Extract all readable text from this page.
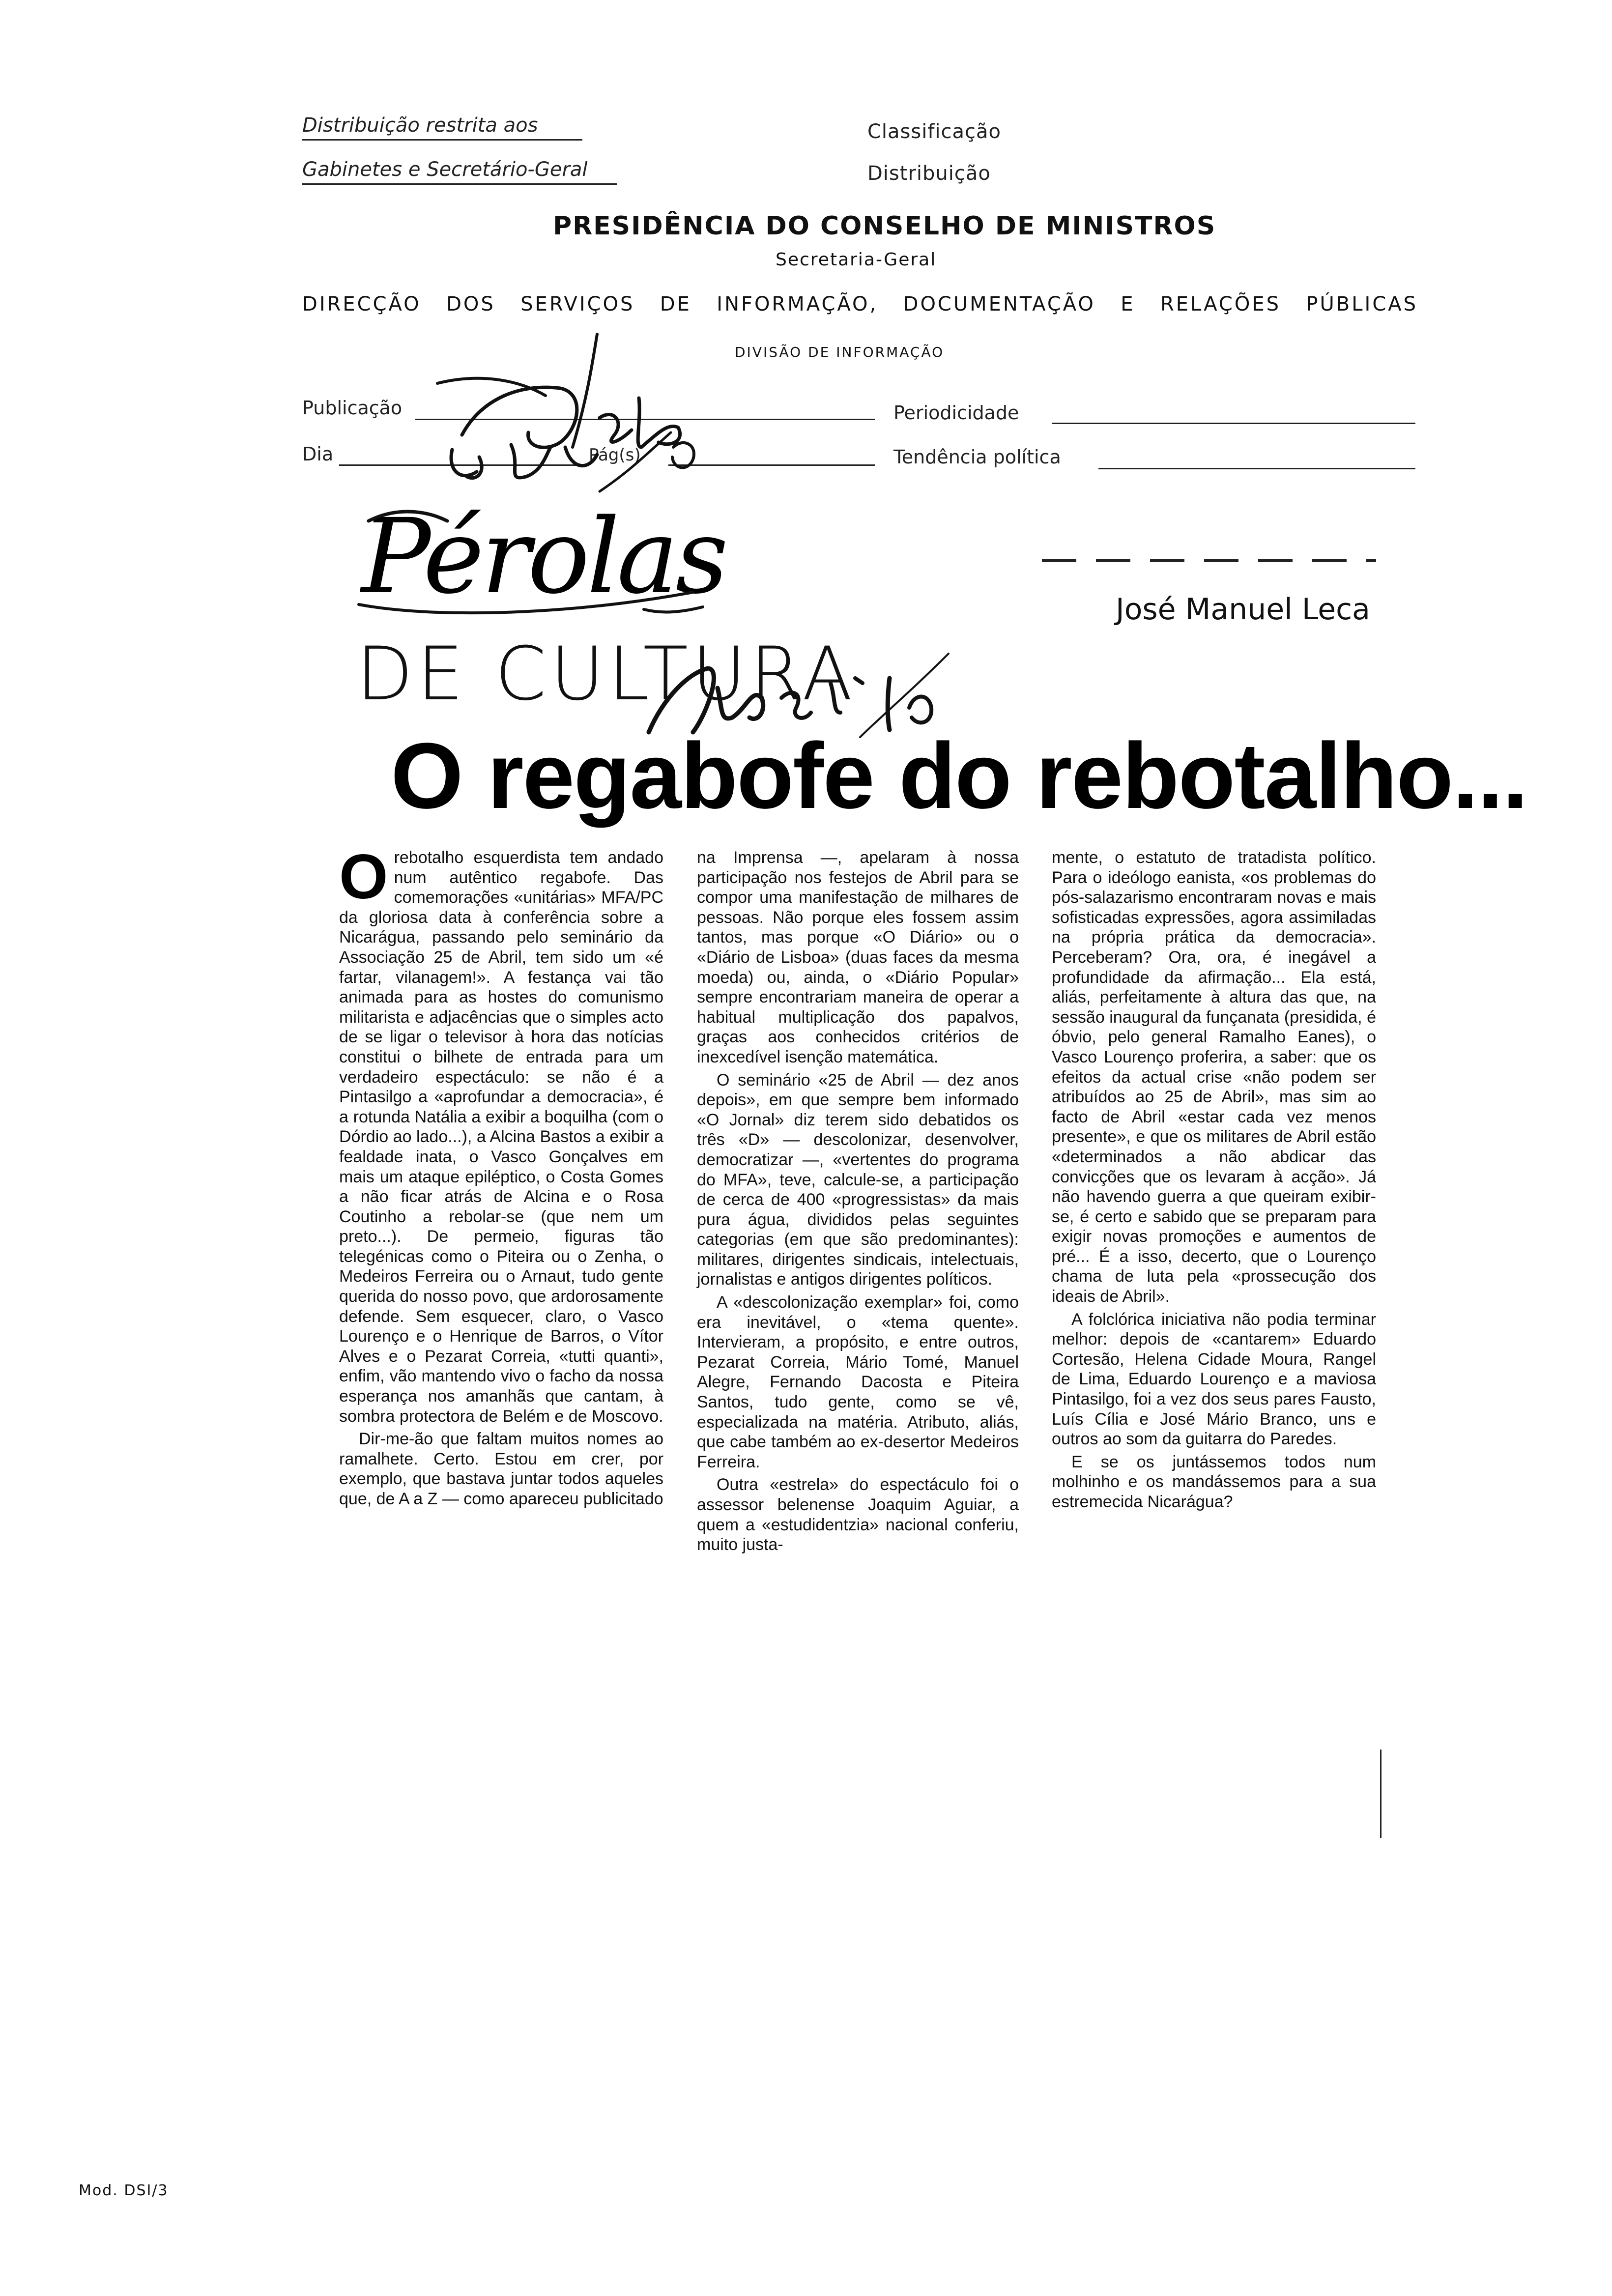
Distribuição restrita aos
Gabinetes e Secretário-Geral
Classificação
Distribuição
PRESIDÊNCIA DO CONSELHO DE MINISTROS
Secretaria-Geral
DIRECÇÃO DOS SERVIÇOS DE INFORMAÇÃO, DOCUMENTAÇÃO E RELAÇÕES PÚBLICAS
DIVISÃO DE INFORMAÇÃO
Publicação
Dia	Pág(s)
Periodicidade
Tendência política
Pérolas	José Manuel Leca
DE CULTURA
O regabofe do rebotalho...

Orebotalho esquerdista tem andado num autêntico regabofe. Das comemorações «unitárias» MFA/PC da gloriosa data à conferência sobre a Nicarágua, passando pelo seminário da Associação 25 de Abril, tem sido um «é fartar, vilanagem!». A festança vai tão animada para as hostes do comunismo militarista e adjacências que o simples acto de se ligar o televisor à hora das notícias constitui o bilhete de entrada para um verdadeiro espectáculo: se não é a Pintasilgo a «aprofundar a democracia», é a rotunda Natália a exibir a boquilha (com o Dórdio ao lado...), a Alcina Bastos a exibir a fealdade inata, o Vasco Gonçalves em mais um ataque epiléptico, o Costa Gomes a não ficar atrás de Alcina e o Rosa Coutinho a rebolar-se (que nem um preto...). De permeio, figuras tão telegénicas como o Piteira ou o Zenha, o Medeiros Ferreira ou o Arnaut, tudo gente querida do nosso povo, que ardorosamente defende. Sem esquecer, claro, o Vasco Lourenço e o Henrique de Barros, o Vítor Alves e o Pezarat Correia, «tutti quanti», enfim, vão mantendo vivo o facho da nossa esperança nos amanhãs que cantam, à sombra protectora de Belém e de Moscovo.

Dir-me-ão que faltam muitos nomes ao ramalhete. Certo. Estou em crer, por exemplo, que bastava juntar todos aqueles que, de A a Z — como apareceu publicitado

na Imprensa —, apelaram à nossa participação nos festejos de Abril para se compor uma manifestação de milhares de pessoas. Não porque eles fossem assim tantos, mas porque «O Diário» ou o «Diário de Lisboa» (duas faces da mesma moeda) ou, ainda, o «Diário Popular» sempre encontrariam maneira de operar a habitual multiplicação dos papalvos, graças aos conhecidos critérios de inexcedível isenção matemática.

O seminário «25 de Abril — dez anos depois», em que sempre bem informado «O Jornal» diz terem sido debatidos os três «D» — descolonizar, desenvolver, democratizar —, «vertentes do programa do MFA», teve, calcule-se, a participação de cerca de 400 «progressistas» da mais pura água, divididos pelas seguintes categorias (em que são predominantes): militares, dirigentes sindicais, intelectuais, jornalistas e antigos dirigentes políticos.

A «descolonização exemplar» foi, como era inevitável, o «tema quente». Intervieram, a propósito, e entre outros, Pezarat Correia, Mário Tomé, Manuel Alegre, Fernando Dacosta e Piteira Santos, tudo gente, como se vê, especializada na matéria. Atributo, aliás, que cabe também ao ex-desertor Medeiros Ferreira.

Outra «estrela» do espectáculo foi o assessor belenense Joaquim Aguiar, a quem a «estudidentzia» nacional conferiu, muito justa-

mente, o estatuto de tratadista político. Para o ideólogo eanista, «os problemas do pós-salazarismo encontraram novas e mais sofisticadas expressões, agora assimiladas na própria prática da democracia». Perceberam? Ora, ora, é inegável a profundidade da afirmação... Ela está, aliás, perfeitamente à altura das que, na sessão inaugural da funçanata (presidida, é óbvio, pelo general Ramalho Eanes), o Vasco Lourenço proferira, a saber: que os efeitos da actual crise «não podem ser atribuídos ao 25 de Abril», mas sim ao facto de Abril «estar cada vez menos presente», e que os militares de Abril estão «determinados a não abdicar das convicções que os levaram à acção». Já não havendo guerra a que queiram exibir-se, é certo e sabido que se preparam para exigir novas promoções e aumentos de pré... É a isso, decerto, que o Lourenço chama de luta pela «prossecução dos ideais de Abril».

A folclórica iniciativa não podia terminar melhor: depois de «cantarem» Eduardo Cortesão, Helena Cidade Moura, Rangel de Lima, Eduardo Lourenço e a maviosa Pintasilgo, foi a vez dos seus pares Fausto, Luís Cília e José Mário Branco, uns e outros ao som da guitarra do Paredes.

E se os juntássemos todos num molhinho e os mandássemos para a sua estremecida Nicarágua?

Mod. DSI/3
